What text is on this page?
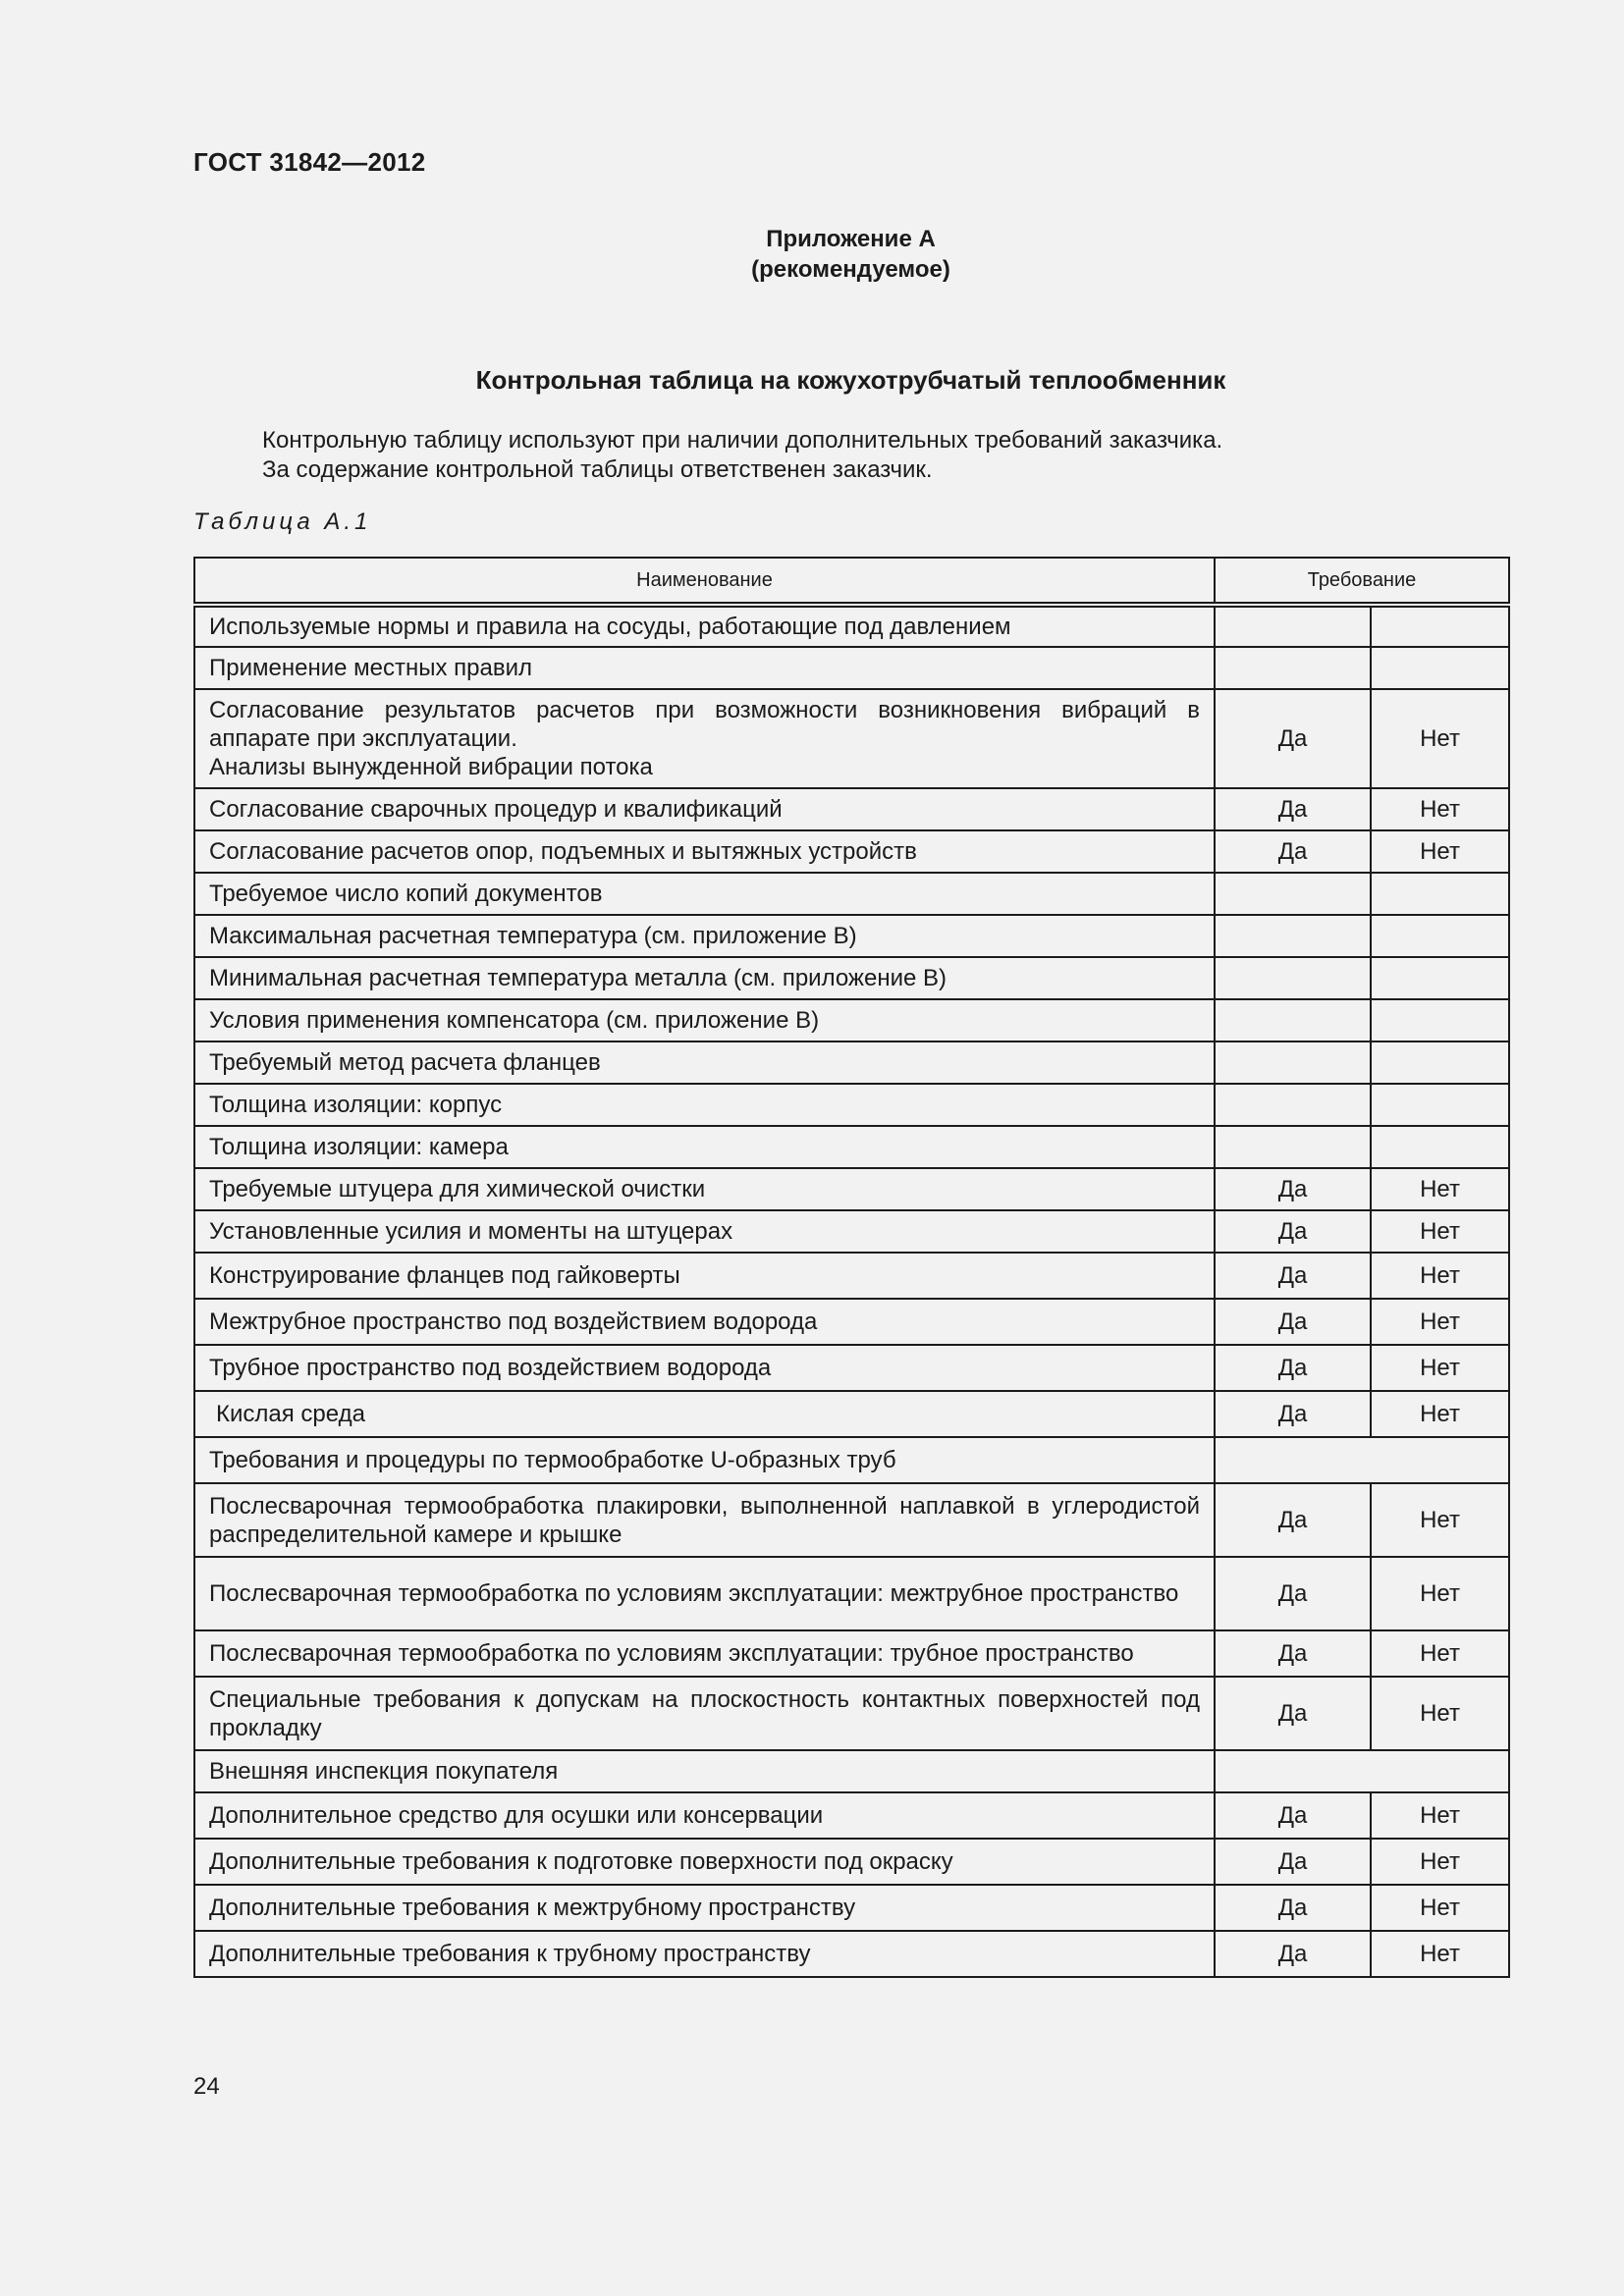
ГОСТ 31842—2012
Приложение А
(рекомендуемое)
Контрольная таблица на кожухотрубчатый теплообменник
Контрольную таблицу используют при наличии дополнительных требований заказчика.
За содержание контрольной таблицы ответственен заказчик.
Таблица А.1
Наименование	Требование	
Используемые нормы и правила на сосуды, работающие под давлением		
Применение местных правил		

Согласование результатов расчетов при возможности возникновения вибраций в аппарате при эксплуатации.
Анализы вынужденной вибрации потока	Да	Нет
Согласование сварочных процедур и квалификаций	Да	Нет
Согласование расчетов опор, подъемных и вытяжных устройств	Да	Нет
Требуемое число копий документов		
Максимальная расчетная температура (см. приложение В)		
Минимальная расчетная температура металла (см. приложение В)		
Условия применения компенсатора (см. приложение В)		
Требуемый метод расчета фланцев		
Толщина изоляции: корпус		
Толщина изоляции: камера		
Требуемые штуцера для химической очистки	Да	Нет
Установленные усилия и моменты на штуцерах	Да	Нет
Конструирование фланцев под гайковерты	Да	Нет
Межтрубное пространство под воздействием водорода	Да	Нет
Трубное пространство под воздействием водорода	Да	Нет
Кислая среда	Да	Нет
Требования и процедуры по термообработке U-образных труб		
Послесварочная термообработка плакировки, выполненной наплавкой в углеродистой распределительной камере и крышке	Да	Нет
Послесварочная термообработка по условиям эксплуатации: межтрубное пространство	Да	Нет
Послесварочная термообработка по условиям эксплуатации: трубное пространство	Да	Нет
Специальные требования к допускам на плоскостность контактных поверхностей под прокладку	Да	Нет
Внешняя инспекция покупателя		
Дополнительное средство для осушки или консервации	Да	Нет
Дополнительные требования к подготовке поверхности под окраску	Да	Нет
Дополнительные требования к межтрубному пространству	Да	Нет
Дополнительные требования к трубному пространству	Да	Нет
24
